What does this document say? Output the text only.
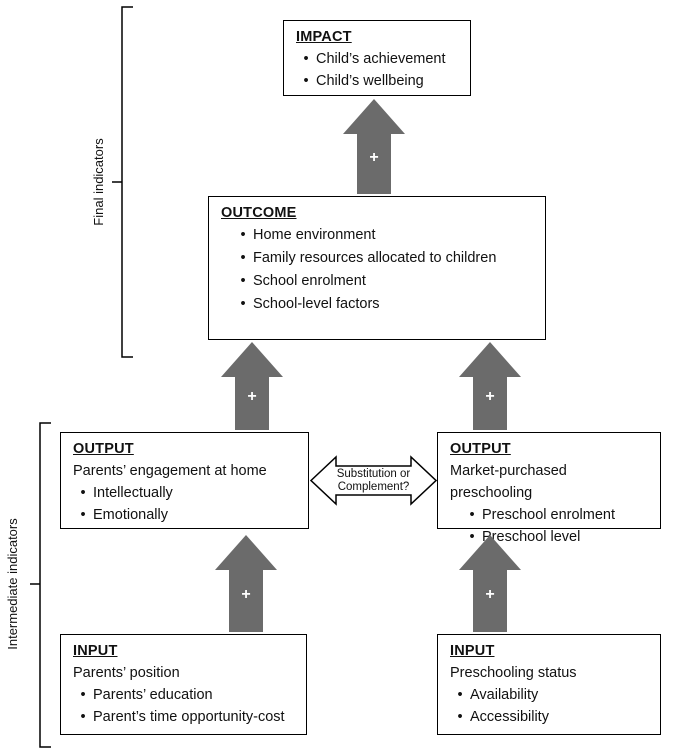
Final indicators
Intermediate indicators
IMPACT
• Child’s achievement
• Child’s wellbeing
+
OUTCOME
• Home environment
• Family resources allocated to children
• School enrolment
• School-level factors
+	+
OUTPUT
Parents’ engagement at home
• Intellectually
• Emotionally
Substitution or
Complement?
OUTPUT
Market-purchased preschooling
• Preschool enrolment
• Preschool level
+	+
INPUT
Parents’ position
• Parents’ education
• Parent’s time opportunity-cost
INPUT
Preschooling status
• Availability
• Accessibility
